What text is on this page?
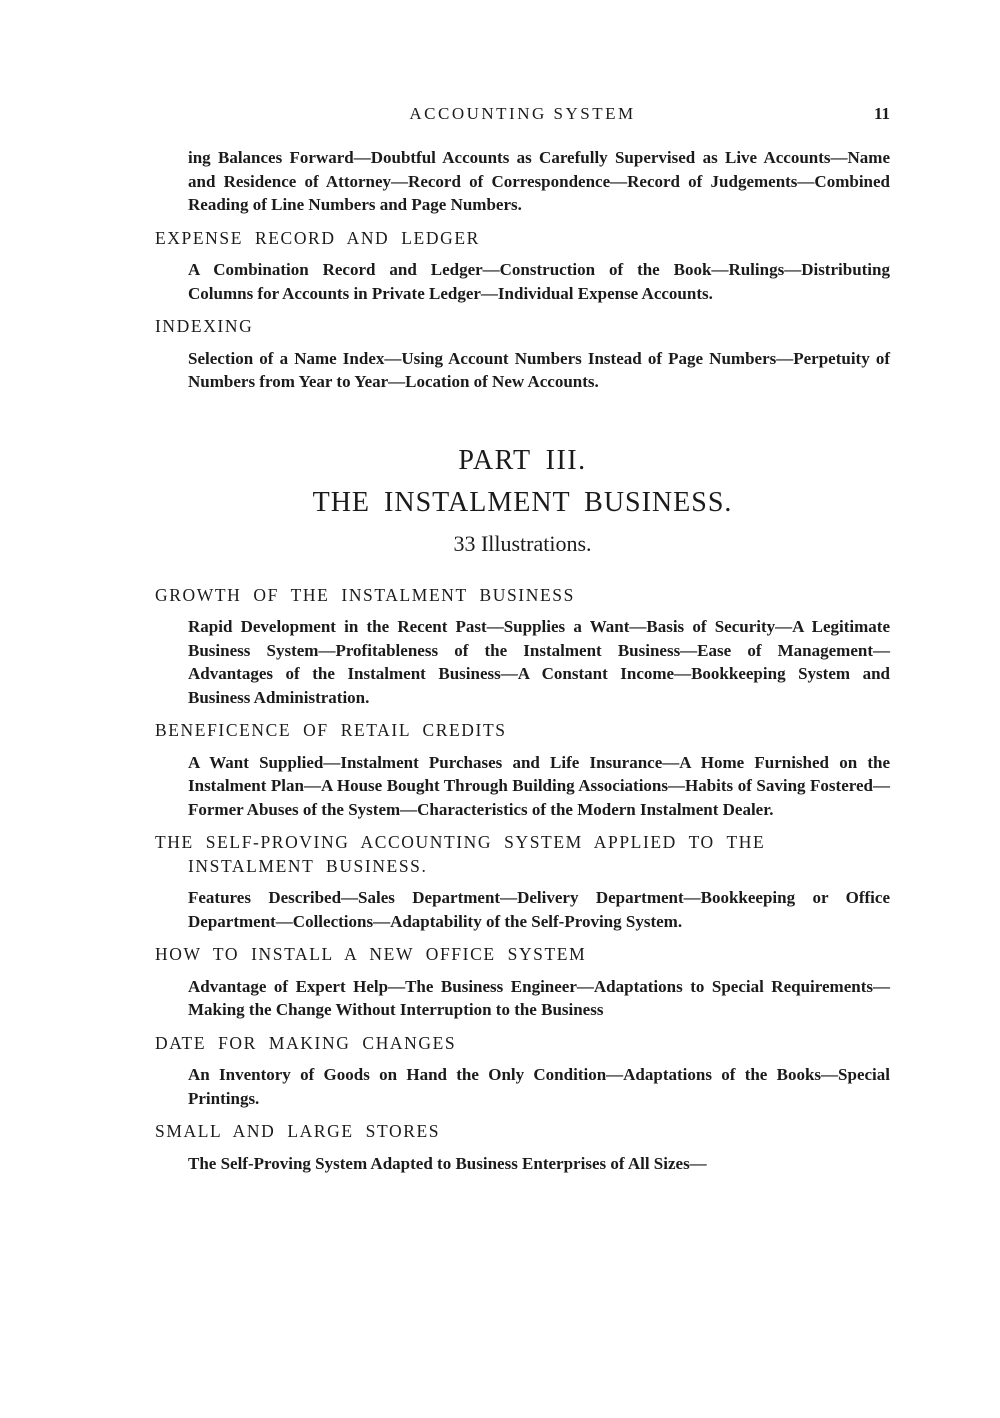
ACCOUNTING SYSTEM	11

ing Balances Forward—Doubtful Accounts as Carefully Supervised as Live Accounts—Name and Residence of Attorney—Record of Correspondence—Record of Judgements—Combined Reading of Line Numbers and Page Numbers.

EXPENSE RECORD AND LEDGER

A Combination Record and Ledger—Construction of the Book—Rulings—Distributing Columns for Accounts in Private Ledger—Individual Expense Accounts.

INDEXING

Selection of a Name Index—Using Account Numbers Instead of Page Numbers—Perpetuity of Numbers from Year to Year—Location of New Accounts.

PART III.
THE INSTALMENT BUSINESS.
33 Illustrations.
GROWTH OF THE INSTALMENT BUSINESS

Rapid Development in the Recent Past—Supplies a Want—Basis of Security—A Legitimate Business System—Profitableness of the Instalment Business—Ease of Management—Advantages of the Instalment Business—A Constant Income—Bookkeeping System and Business Administration.

BENEFICENCE OF RETAIL CREDITS

A Want Supplied—Instalment Purchases and Life Insurance—A Home Furnished on the Instalment Plan—A House Bought Through Building Associations—Habits of Saving Fostered—Former Abuses of the System—Characteristics of the Modern Instalment Dealer.

THE SELF-PROVING ACCOUNTING SYSTEM APPLIED TO THE INSTALMENT BUSINESS.

Features Described—Sales Department—Delivery Department—Bookkeeping or Office Department—Collections—Adaptability of the Self-Proving System.

HOW TO INSTALL A NEW OFFICE SYSTEM

Advantage of Expert Help—The Business Engineer—Adaptations to Special Requirements—Making the Change Without Interruption to the Business

DATE FOR MAKING CHANGES

An Inventory of Goods on Hand the Only Condition—Adaptations of the Books—Special Printings.

SMALL AND LARGE STORES

The Self-Proving System Adapted to Business Enterprises of All Sizes—
